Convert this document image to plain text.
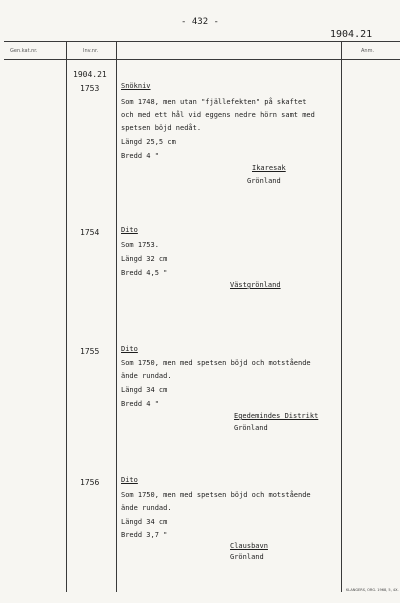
- 432 -
1904.21
Gen.kat.nr.	Inv.nr.	Anm.
1904.21
1753	Snökniv
Som 1748, men utan "fjällefekten" på skaftet
och med ett hål vid eggens nedre hörn samt med
spetsen böjd nedåt.
Längd 25,5 cm
Bredd 4 "
Ikaresak
Grönland
1754	Dito
Som 1753.
Längd 32 cm
Bredd 4,5 "
Västgrönland
1755	Dito
Som 1750, men med spetsen böjd och motstående
ände rundad.
Längd 34 cm
Bredd 4 "
Egedemindes Distrikt
Grönland
1756	Dito
Som 1750, men med spetsen böjd och motstående
ände rundad.
Längd 34 cm
Bredd 3,7 "
Clausbavn
Grönland
KLANGERS, ORG. 1968, 5, 4X.
